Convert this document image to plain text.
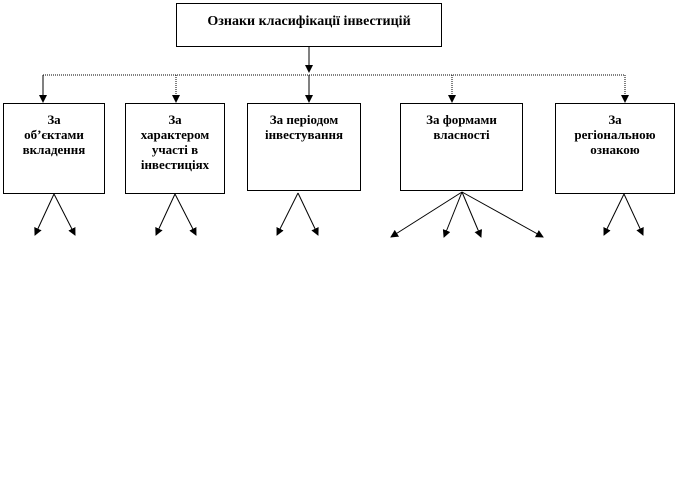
Ознаки класифікації інвестицій
За
об’єктами
вкладення
За
характером
участі в
інвестиціях
За періодом
інвестування
За формами
власності
За
регіональною
ознакою
